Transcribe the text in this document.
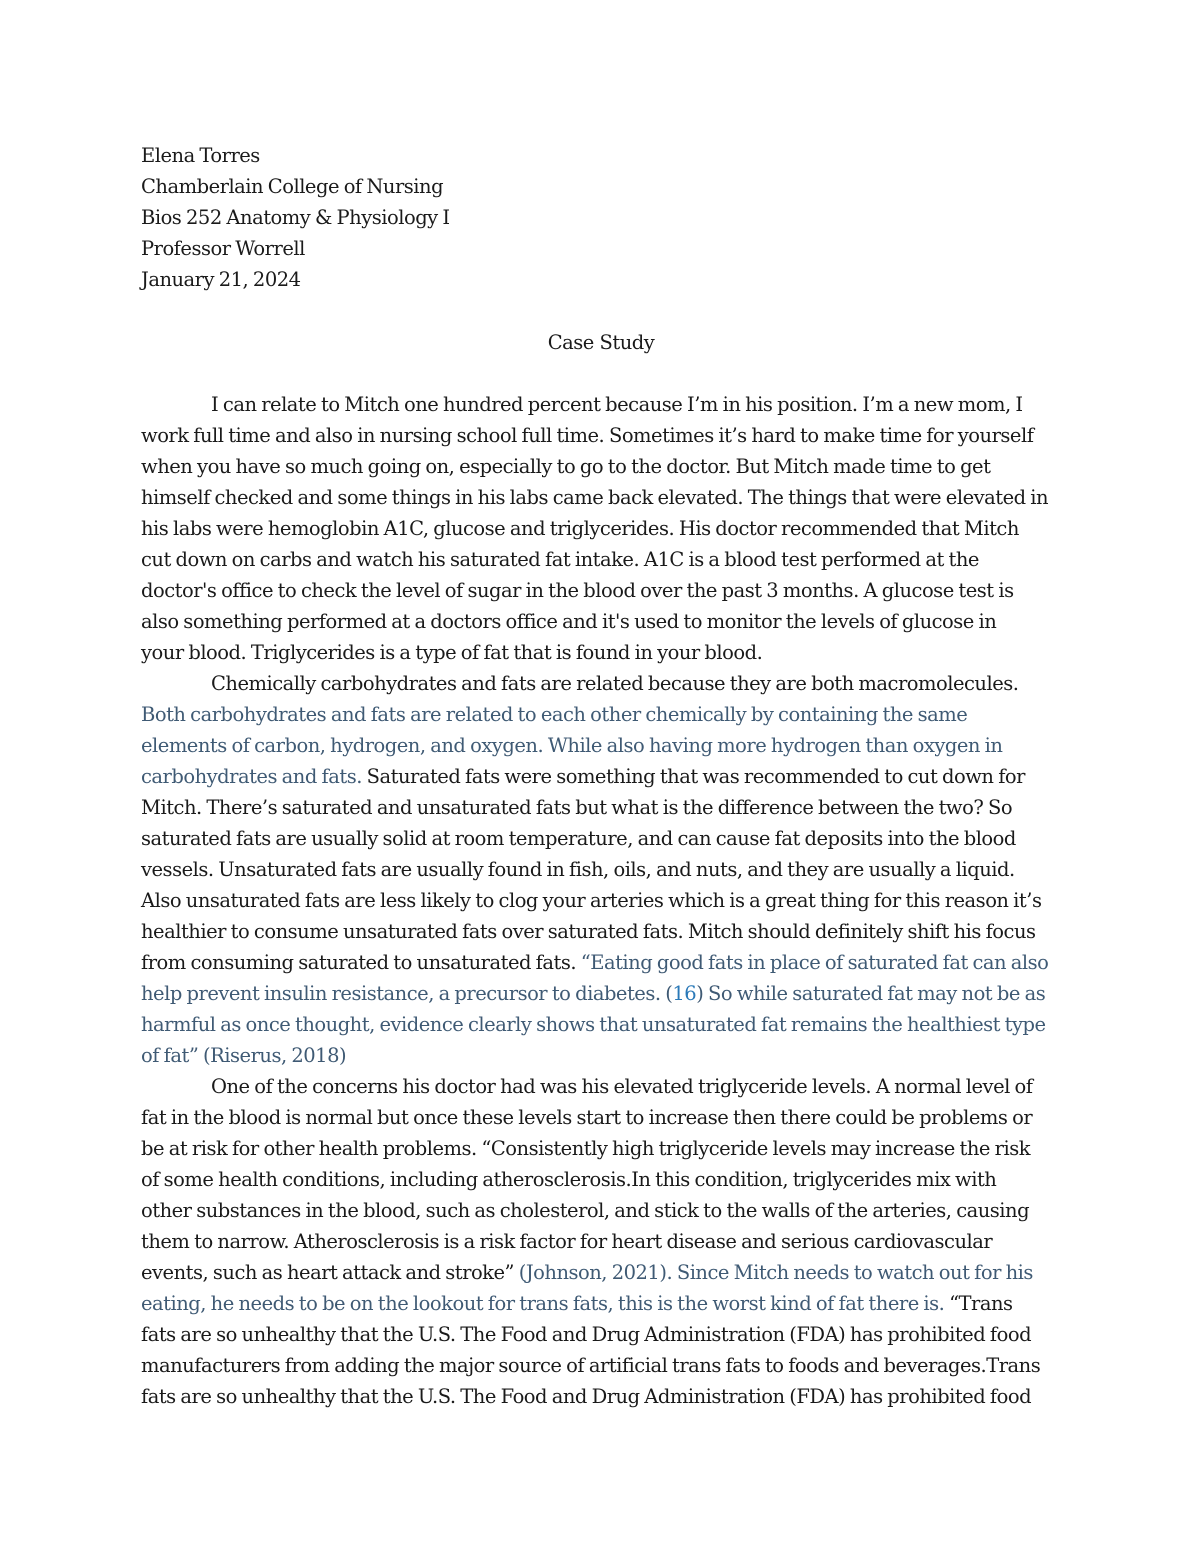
Elena Torres
Chamberlain College of Nursing
Bios 252 Anatomy & Physiology I
Professor Worrell
January 21, 2024
Case Study
I can relate to Mitch one hundred percent because I’m in his position. I’m a new mom, I
work full time and also in nursing school full time. Sometimes it’s hard to make time for yourself
when you have so much going on, especially to go to the doctor. But Mitch made time to get
himself checked and some things in his labs came back elevated. The things that were elevated in
his labs were hemoglobin A1C, glucose and triglycerides. His doctor recommended that Mitch
cut down on carbs and watch his saturated fat intake. A1C is a blood test performed at the
doctor's office to check the level of sugar in the blood over the past 3 months. A glucose test is
also something performed at a doctors office and it's used to monitor the levels of glucose in
your blood. Triglycerides is a type of fat that is found in your blood.
Chemically carbohydrates and fats are related because they are both macromolecules.
Both carbohydrates and fats are related to each other chemically by containing the same
elements of carbon, hydrogen, and oxygen. While also having more hydrogen than oxygen in
carbohydrates and fats. Saturated fats were something that was recommended to cut down for
Mitch. There’s saturated and unsaturated fats but what is the difference between the two? So
saturated fats are usually solid at room temperature, and can cause fat deposits into the blood
vessels. Unsaturated fats are usually found in fish, oils, and nuts, and they are usually a liquid.
Also unsaturated fats are less likely to clog your arteries which is a great thing for this reason it’s
healthier to consume unsaturated fats over saturated fats. Mitch should definitely shift his focus
from consuming saturated to unsaturated fats. “Eating good fats in place of saturated fat can also
help prevent insulin resistance, a precursor to diabetes. (16) So while saturated fat may not be as
harmful as once thought, evidence clearly shows that unsaturated fat remains the healthiest type
of fat” (Riserus, 2018)
One of the concerns his doctor had was his elevated triglyceride levels. A normal level of
fat in the blood is normal but once these levels start to increase then there could be problems or
be at risk for other health problems. “Consistently high triglyceride levels may increase the risk
of some health conditions, including atherosclerosis.In this condition, triglycerides mix with
other substances in the blood, such as cholesterol, and stick to the walls of the arteries, causing
them to narrow. Atherosclerosis is a risk factor for heart disease and serious cardiovascular
events, such as heart attack and stroke” (Johnson, 2021). Since Mitch needs to watch out for his
eating, he needs to be on the lookout for trans fats, this is the worst kind of fat there is. “Trans
fats are so unhealthy that the U.S. The Food and Drug Administration (FDA) has prohibited food
manufacturers from adding the major source of artificial trans fats to foods and beverages.Trans
fats are so unhealthy that the U.S. The Food and Drug Administration (FDA) has prohibited food
